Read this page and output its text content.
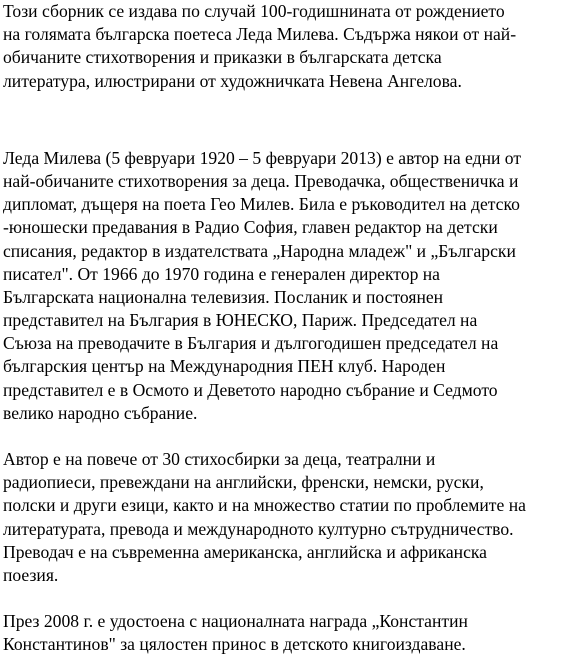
Този сборник се издава по случай 100-годишнината от рождението
на голямата българска поетеса Леда Милева. Съдържа някои от най-
обичаните стихотворения и приказки в българската детска
литература, илюстрирани от художничката Невена Ангелова.
Леда Милева (5 февруари 1920 – 5 февруари 2013) е автор на едни от
най-обичаните стихотворения за деца. Преводачка, общественичка и
дипломат, дъщеря на поета Гео Милев. Била е ръководител на детско
-юношески предавания в Радио София, главен редактор на детски
списания, редактор в издателствата „Народна младеж" и „Български
писател". От 1966 до 1970 година е генерален директор на
Българската национална телевизия. Посланик и постоянен
представител на България в ЮНЕСКО, Париж. Председател на
Съюза на преводачите в България и дългогодишен председател на
българския център на Международния ПЕН клуб. Народен
представител е в Осмото и Деветото народно събрание и Седмото
велико народно събрание.
Автор е на повече от 30 стихосбирки за деца, театрални и
радиопиеси, превеждани на английски, френски, немски, руски,
полски и други езици, както и на множество статии по проблемите на
литературата, превода и международното културно сътрудничество.
Преводач е на съвременна американска, английска и африканска
поезия.
През 2008 г. е удостоена с националната награда „Константин
Константинов" за цялостен принос в детското книгоиздаване.
